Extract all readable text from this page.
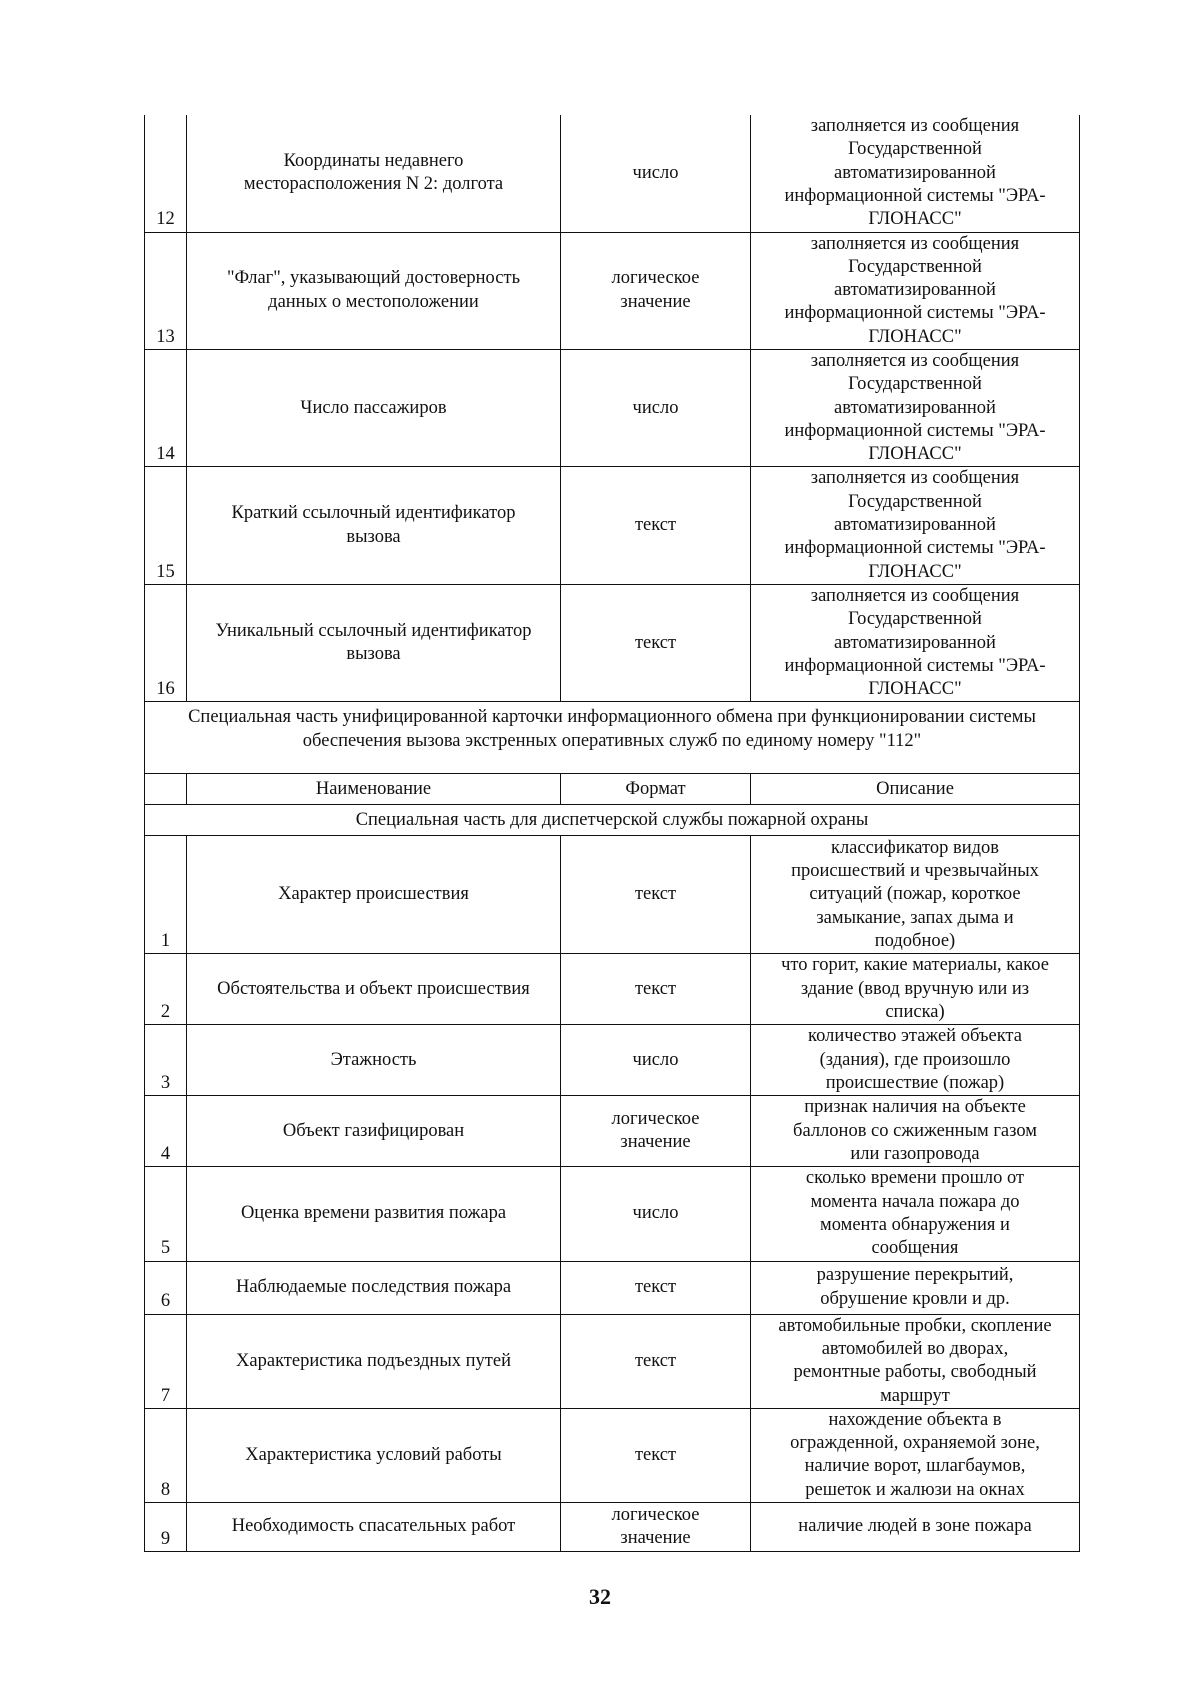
12	Координаты недавнего
месторасположения N 2: долгота	число	заполняется из сообщения
Государственной
автоматизированной
информационной системы "ЭРА-
ГЛОНАСС"
13	"Флаг", указывающий достоверность
данных о местоположении	логическое
значение	заполняется из сообщения
Государственной
автоматизированной
информационной системы "ЭРА-
ГЛОНАСС"
14	Число пассажиров	число	заполняется из сообщения
Государственной
автоматизированной
информационной системы "ЭРА-
ГЛОНАСС"
15	Краткий ссылочный идентификатор
вызова	текст	заполняется из сообщения
Государственной
автоматизированной
информационной системы "ЭРА-
ГЛОНАСС"
16	Уникальный ссылочный идентификатор
вызова	текст	заполняется из сообщения
Государственной
автоматизированной
информационной системы "ЭРА-
ГЛОНАСС"
Специальная часть унифицированной карточки информационного обмена при функционировании системы обеспечения вызова экстренных оперативных служб по единому номеру "112"			
	Наименование	Формат	Описание
Специальная часть для диспетчерской службы пожарной охраны			
1	Характер происшествия	текст	классификатор видов
происшествий и чрезвычайных
ситуаций (пожар, короткое
замыкание, запах дыма и
подобное)
2	Обстоятельства и объект происшествия	текст	что горит, какие материалы, какое
здание (ввод вручную или из
списка)
3	Этажность	число	количество этажей объекта
(здания), где произошло
происшествие (пожар)
4	Объект газифицирован	логическое
значение	признак наличия на объекте
баллонов со сжиженным газом
или газопровода
5	Оценка времени развития пожара	число	сколько времени прошло от
момента начала пожара до
момента обнаружения и
сообщения
6	Наблюдаемые последствия пожара	текст	разрушение перекрытий,
обрушение кровли и др.
7	Характеристика подъездных путей	текст	автомобильные пробки, скопление
автомобилей во дворах,
ремонтные работы, свободный
маршрут
8	Характеристика условий работы	текст	нахождение объекта в
огражденной, охраняемой зоне,
наличие ворот, шлагбаумов,
решеток и жалюзи на окнах
9	Необходимость спасательных работ	логическое
значение	наличие людей в зоне пожара
32
